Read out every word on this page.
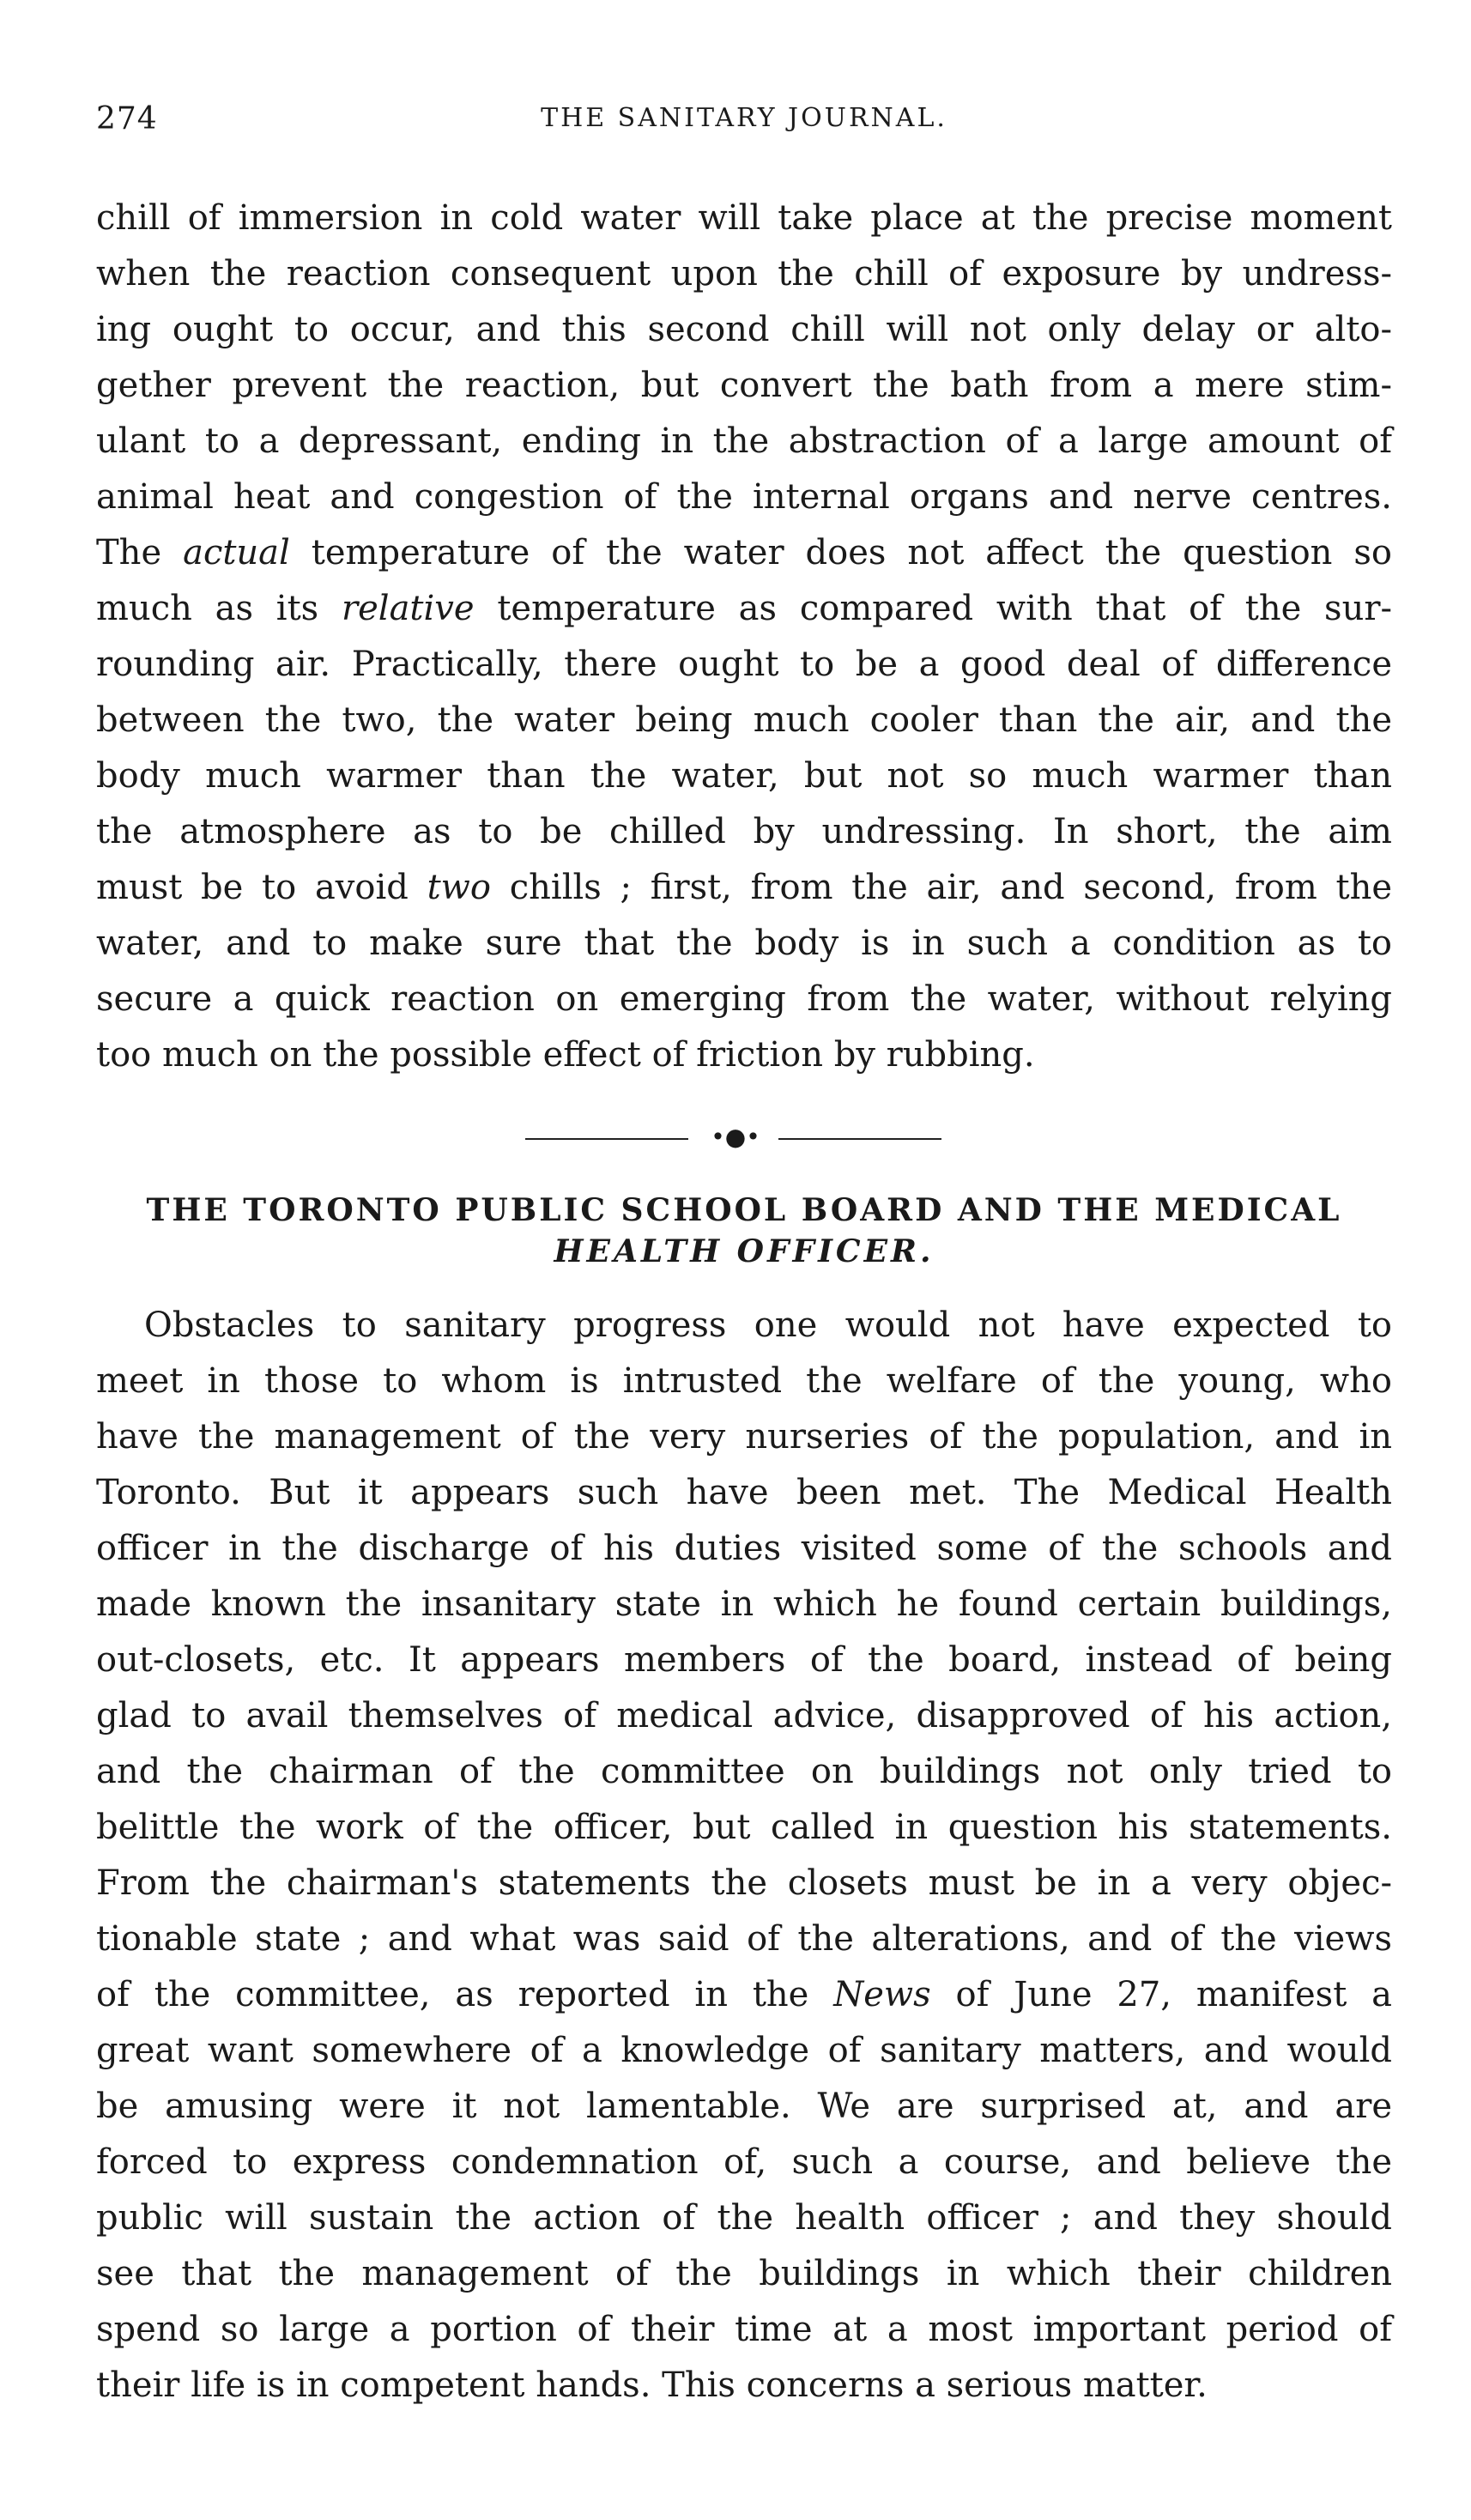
274	THE SANITARY JOURNAL.

chill of immersion in cold water will take place at the precise moment
when the reaction consequent upon the chill of exposure by undress-
ing ought to occur, and this second chill will not only delay or alto-
gether prevent the reaction, but convert the bath from a mere stim-
ulant to a depressant, ending in the abstraction of a large amount of
animal heat and congestion of the internal organs and nerve centres.
The actual temperature of the water does not affect the question so
much as its relative temperature as compared with that of the sur-
rounding air. Practically, there ought to be a good deal of difference
between the two, the water being much cooler than the air, and the
body much warmer than the water, but not so much warmer than
the atmosphere as to be chilled by undressing. In short, the aim
must be to avoid two chills ; first, from the air, and second, from the
water, and to make sure that the body is in such a condition as to
secure a quick reaction on emerging from the water, without relying
too much on the possible effect of friction by rubbing.

•●•
THE TORONTO PUBLIC SCHOOL BOARD AND THE MEDICAL
HEALTH OFFICER.

Obstacles to sanitary progress one would not have expected to
meet in those to whom is intrusted the welfare of the young, who
have the management of the very nurseries of the population, and in
Toronto. But it appears such have been met. The Medical Health
officer in the discharge of his duties visited some of the schools and
made known the insanitary state in which he found certain buildings,
out-closets, etc. It appears members of the board, instead of being
glad to avail themselves of medical advice, disapproved of his action,
and the chairman of the committee on buildings not only tried to
belittle the work of the officer, but called in question his statements.
From the chairman's statements the closets must be in a very objec-
tionable state ; and what was said of the alterations, and of the views
of the committee, as reported in the News of June 27, manifest a
great want somewhere of a knowledge of sanitary matters, and would
be amusing were it not lamentable. We are surprised at, and are
forced to express condemnation of, such a course, and believe the
public will sustain the action of the health officer ; and they should
see that the management of the buildings in which their children
spend so large a portion of their time at a most important period of
their life is in competent hands. This concerns a serious matter.
